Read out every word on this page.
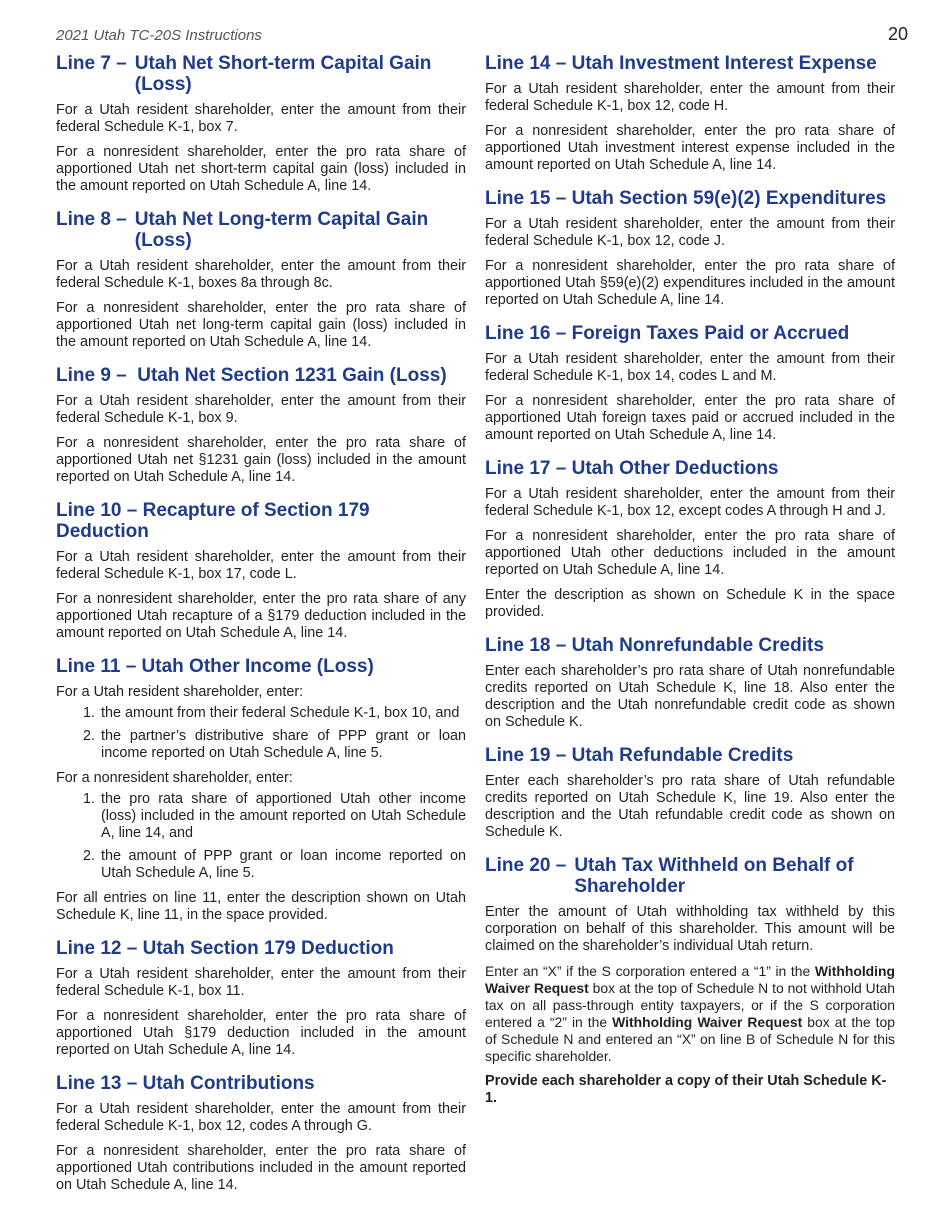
2021 Utah TC-20S Instructions	20
Line 7 – Utah Net Short-term Capital Gain (Loss)

For a Utah resident shareholder, enter the amount from their federal Schedule K-1, box 7.

For a nonresident shareholder, enter the pro rata share of apportioned Utah net short-term capital gain (loss) included in the amount reported on Utah Schedule A, line 14.

Line 8 – Utah Net Long-term Capital Gain (Loss)

For a Utah resident shareholder, enter the amount from their federal Schedule K-1, boxes 8a through 8c.

For a nonresident shareholder, enter the pro rata share of apportioned Utah net long-term capital gain (loss) included in the amount reported on Utah Schedule A, line 14.

Line 9 –  Utah Net Section 1231 Gain (Loss)

For a Utah resident shareholder, enter the amount from their federal Schedule K-1, box 9.

For a nonresident shareholder, enter the pro rata share of apportioned Utah net §1231 gain (loss) included in the amount reported on Utah Schedule A, line 14.

Line 10 – Recapture of Section 179 Deduction

For a Utah resident shareholder, enter the amount from their federal Schedule K-1, box 17, code L.

For a nonresident shareholder, enter the pro rata share of any apportioned Utah recapture of a §179 deduction included in the amount reported on Utah Schedule A, line 14.

Line 11 – Utah Other Income (Loss)

For a Utah resident shareholder, enter:

1. the amount from their federal Schedule K-1, box 10, and
2. the partner’s distributive share of PPP grant or loan income reported on Utah Schedule A, line 5.

For a nonresident shareholder, enter:

1. the pro rata share of apportioned Utah other income (loss) included in the amount reported on Utah Schedule A, line 14, and
2. the amount of PPP grant or loan income reported on Utah Schedule A, line 5.

For all entries on line 11, enter the description shown on Utah Schedule K, line 11, in the space provided.

Line 12 – Utah Section 179 Deduction

For a Utah resident shareholder, enter the amount from their federal Schedule K-1, box 11.

For a nonresident shareholder, enter the pro rata share of apportioned Utah §179 deduction included in the amount reported on Utah Schedule A, line 14.

Line 13 – Utah Contributions

For a Utah resident shareholder, enter the amount from their federal Schedule K-1, box 12, codes A through G.

For a nonresident shareholder, enter the pro rata share of apportioned Utah contributions included in the amount reported on Utah Schedule A, line 14.

Line 14 – Utah Investment Interest Expense

For a Utah resident shareholder, enter the amount from their federal Schedule K-1, box 12, code H.

For a nonresident shareholder, enter the pro rata share of apportioned Utah investment interest expense included in the amount reported on Utah Schedule A, line 14.

Line 15 – Utah Section 59(e)(2) Expenditures

For a Utah resident shareholder, enter the amount from their federal Schedule K-1, box 12, code J.

For a nonresident shareholder, enter the pro rata share of apportioned Utah §59(e)(2) expenditures included in the amount reported on Utah Schedule A, line 14.

Line 16 – Foreign Taxes Paid or Accrued

For a Utah resident shareholder, enter the amount from their federal Schedule K-1, box 14, codes L and M.

For a nonresident shareholder, enter the pro rata share of apportioned Utah foreign taxes paid or accrued included in the amount reported on Utah Schedule A, line 14.

Line 17 – Utah Other Deductions

For a Utah resident shareholder, enter the amount from their federal Schedule K-1, box 12, except codes A through H and J.

For a nonresident shareholder, enter the pro rata share of apportioned Utah other deductions included in the amount reported on Utah Schedule A, line 14.

Enter the description as shown on Schedule K in the space provided.

Line 18 – Utah Nonrefundable Credits

Enter each shareholder’s pro rata share of Utah nonrefundable credits reported on Utah Schedule K, line 18. Also enter the description and the Utah nonrefundable credit code as shown on Schedule K.

Line 19 – Utah Refundable Credits

Enter each shareholder’s pro rata share of Utah refundable credits reported on Utah Schedule K, line 19. Also enter the description and the Utah refundable credit code as shown on Schedule K.

Line 20 – Utah Tax Withheld on Behalf of Shareholder

Enter the amount of Utah withholding tax withheld by this corporation on behalf of this shareholder. This amount will be claimed on the shareholder’s individual Utah return.

Enter an “X” if the S corporation entered a “1” in the Withholding Waiver Request box at the top of Schedule N to not withhold Utah tax on all pass-through entity taxpayers, or if the S corporation entered a “2” in the Withholding Waiver Request box at the top of Schedule N and entered an “X” on line B of Schedule N for this specific shareholder.

Provide each shareholder a copy of their Utah Schedule K-1.
